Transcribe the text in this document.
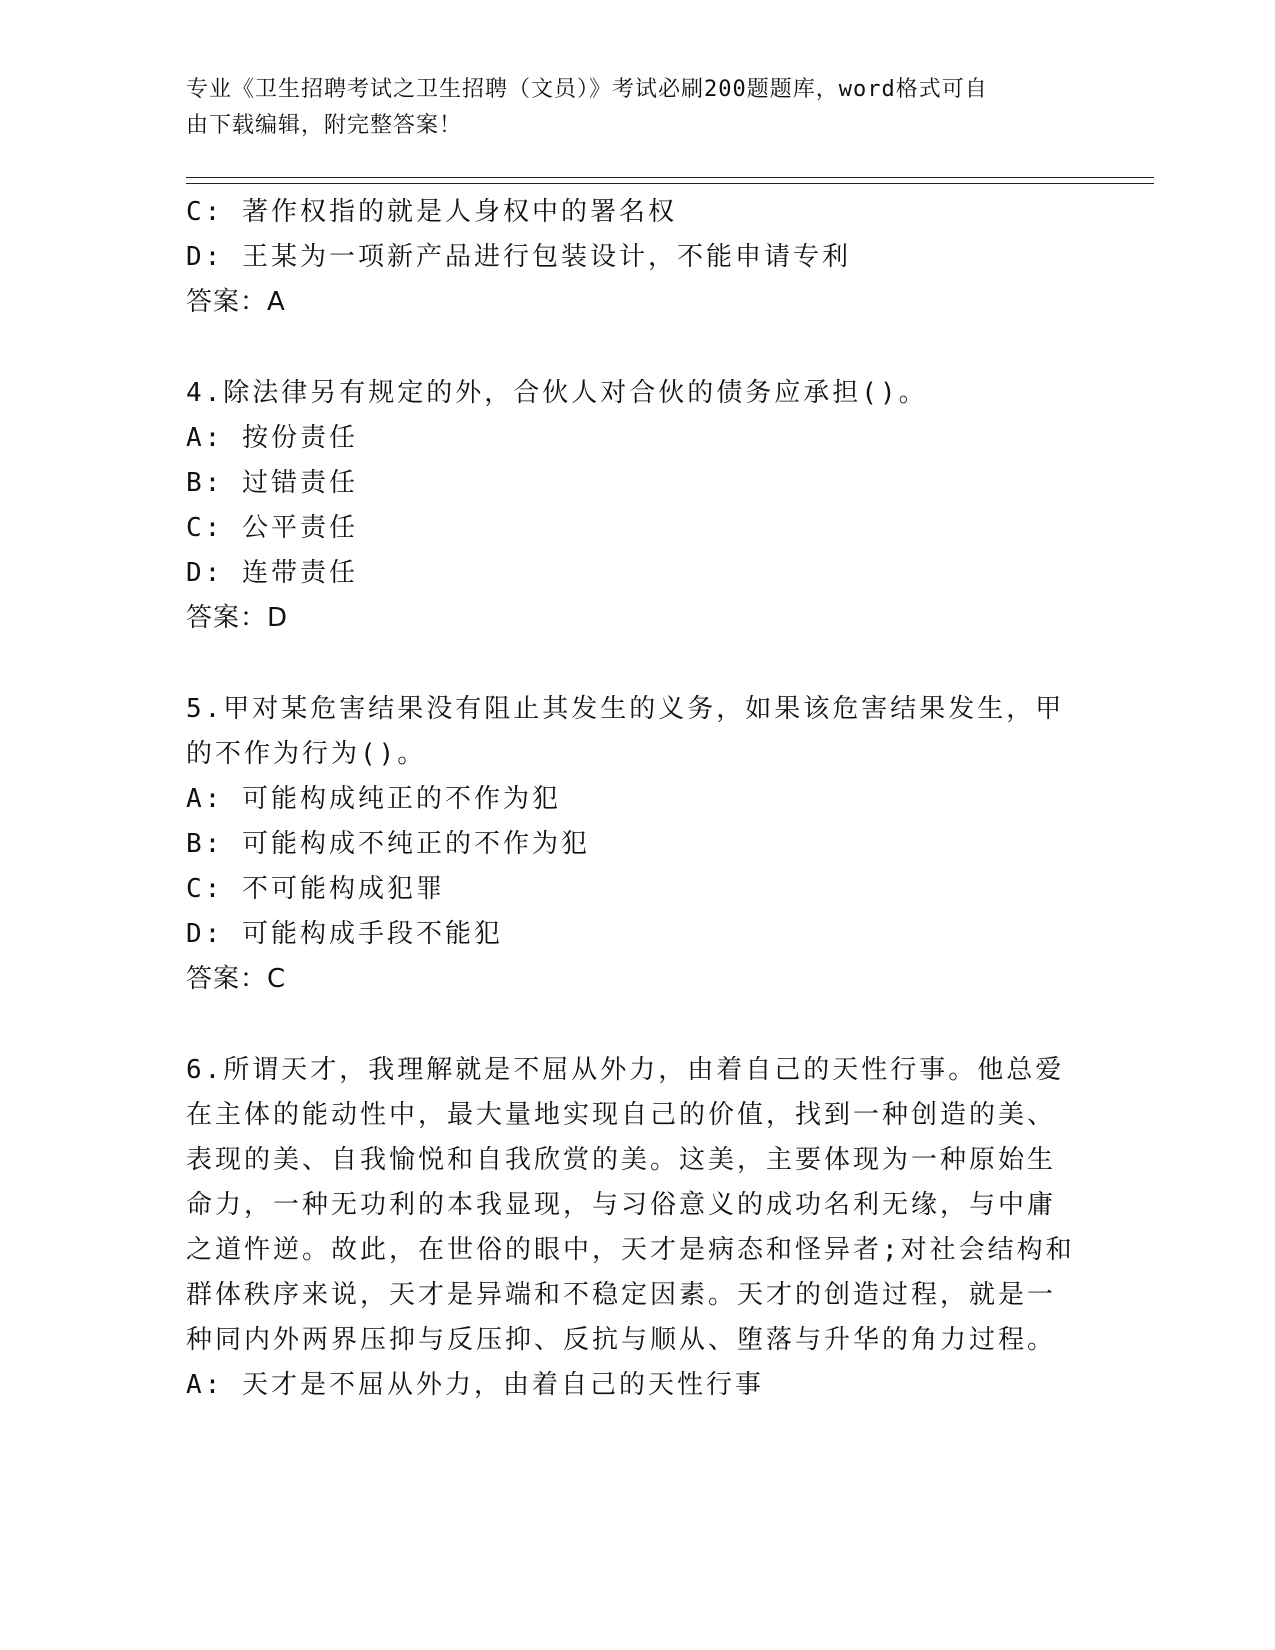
专业《卫生招聘考试之卫生招聘（文员）》考试必刷200题题库，word格式可自
由下载编辑，附完整答案！
C: 著作权指的就是人身权中的署名权
D: 王某为一项新产品进行包装设计，不能申请专利
答案：A
4.除法律另有规定的外，合伙人对合伙的债务应承担()。
A: 按份责任
B: 过错责任
C: 公平责任
D: 连带责任
答案：D
5.甲对某危害结果没有阻止其发生的义务，如果该危害结果发生，甲
的不作为行为()。
A: 可能构成纯正的不作为犯
B: 可能构成不纯正的不作为犯
C: 不可能构成犯罪
D: 可能构成手段不能犯
答案：C
6.所谓天才，我理解就是不屈从外力，由着自己的天性行事。他总爱
在主体的能动性中，最大量地实现自己的价值，找到一种创造的美、
表现的美、自我愉悦和自我欣赏的美。这美，主要体现为一种原始生
命力，一种无功利的本我显现，与习俗意义的成功名利无缘，与中庸
之道忤逆。故此，在世俗的眼中，天才是病态和怪异者;对社会结构和
群体秩序来说，天才是异端和不稳定因素。天才的创造过程，就是一
种同内外两界压抑与反压抑、反抗与顺从、堕落与升华的角力过程。
A: 天才是不屈从外力，由着自己的天性行事
